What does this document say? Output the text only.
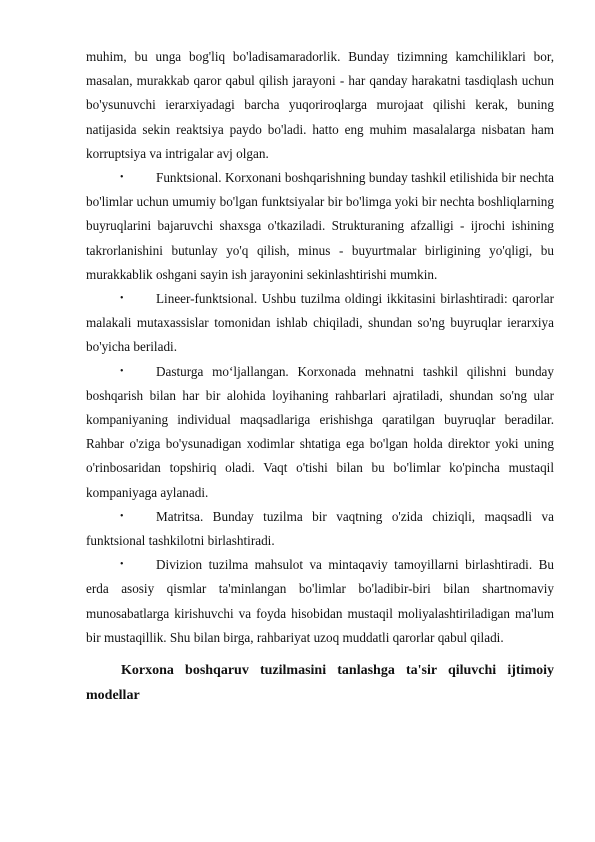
muhim, bu unga bog'liq bo'ladisamaradorlik. Bunday tizimning kamchiliklari bor, masalan, murakkab qaror qabul qilish jarayoni - har qanday harakatni tasdiqlash uchun bo'ysunuvchi ierarxiyadagi barcha yuqoriroqlarga murojaat qilishi kerak, buning natijasida sekin reaktsiya paydo bo'ladi. hatto eng muhim masalalarga nisbatan ham korruptsiya va intrigalar avj olgan.

• Funktsional. Korxonani boshqarishning bunday tashkil etilishida bir nechta bo'limlar uchun umumiy bo'lgan funktsiyalar bir bo'limga yoki bir nechta boshliqlarning buyruqlarini bajaruvchi shaxsga o'tkaziladi. Strukturaning afzalligi - ijrochi ishining takrorlanishini butunlay yo'q qilish, minus - buyurtmalar birligining yo'qligi, bu murakkablik oshgani sayin ish jarayonini sekinlashtirishi mumkin.

• Lineer-funktsional. Ushbu tuzilma oldingi ikkitasini birlashtiradi: qarorlar malakali mutaxassislar tomonidan ishlab chiqiladi, shundan so'ng buyruqlar ierarxiya bo'yicha beriladi.

• Dasturga mo‘ljallangan. Korxonada mehnatni tashkil qilishni bunday boshqarish bilan har bir alohida loyihaning rahbarlari ajratiladi, shundan so'ng ular kompaniyaning individual maqsadlariga erishishga qaratilgan buyruqlar beradilar. Rahbar o'ziga bo'ysunadigan xodimlar shtatiga ega bo'lgan holda direktor yoki uning o'rinbosaridan topshiriq oladi. Vaqt o'tishi bilan bu bo'limlar ko'pincha mustaqil kompaniyaga aylanadi.

• Matritsa. Bunday tuzilma bir vaqtning o'zida chiziqli, maqsadli va funktsional tashkilotni birlashtiradi.

• Divizion tuzilma mahsulot va mintaqaviy tamoyillarni birlashtiradi. Bu erda asosiy qismlar ta'minlangan bo'limlar bo'ladibir-biri bilan shartnomaviy munosabatlarga kirishuvchi va foyda hisobidan mustaqil moliyalashtiriladigan ma'lum bir mustaqillik. Shu bilan birga, rahbariyat uzoq muddatli qarorlar qabul qiladi.

Korxona boshqaruv tuzilmasini tanlashga ta'sir qiluvchi ijtimoiy modellar
